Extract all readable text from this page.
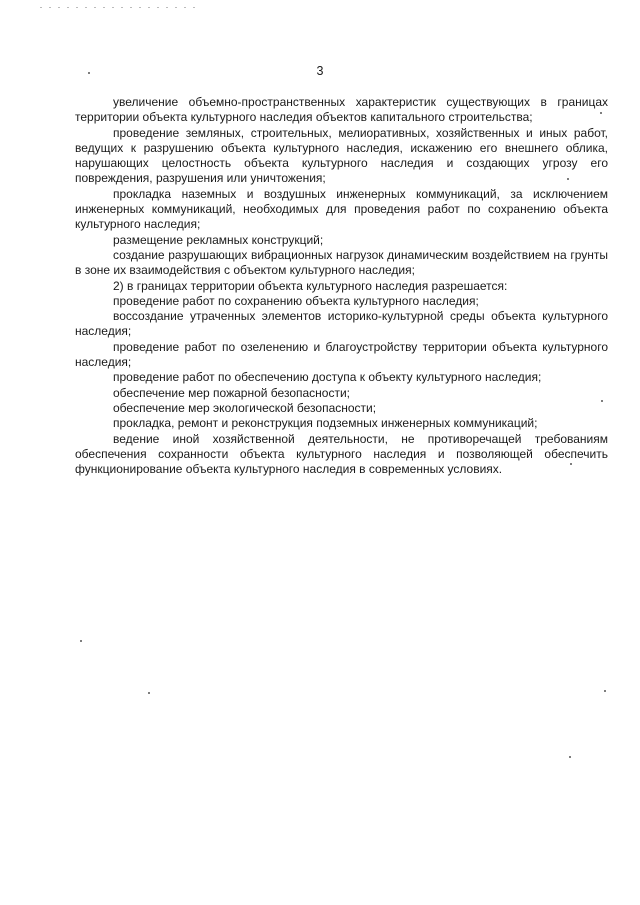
3

увеличение объемно-пространственных характеристик существующих в границах территории объекта культурного наследия объектов капитального строительства;

проведение земляных, строительных, мелиоративных, хозяйственных и иных работ, ведущих к разрушению объекта культурного наследия, искажению его внешнего облика, нарушающих целостность объекта культурного наследия и создающих угрозу его повреждения, разрушения или уничтожения;

прокладка наземных и воздушных инженерных коммуникаций, за исключением инженерных коммуникаций, необходимых для проведения работ по сохранению объекта культурного наследия;

размещение рекламных конструкций;

создание разрушающих вибрационных нагрузок динамическим воздействием на грунты в зоне их взаимодействия с объектом культурного наследия;

2) в границах территории объекта культурного наследия разрешается:

проведение работ по сохранению объекта культурного наследия;

воссоздание утраченных элементов историко-культурной среды объекта культурного наследия;

проведение работ по озеленению и благоустройству территории объекта культурного наследия;

проведение работ по обеспечению доступа к объекту культурного наследия;

обеспечение мер пожарной безопасности;

обеспечение мер экологической безопасности;

прокладка, ремонт и реконструкция подземных инженерных коммуникаций;

ведение иной хозяйственной деятельности, не противоречащей требованиям обеспечения сохранности объекта культурного наследия и позволяющей обеспечить функционирование объекта культурного наследия в современных условиях.
